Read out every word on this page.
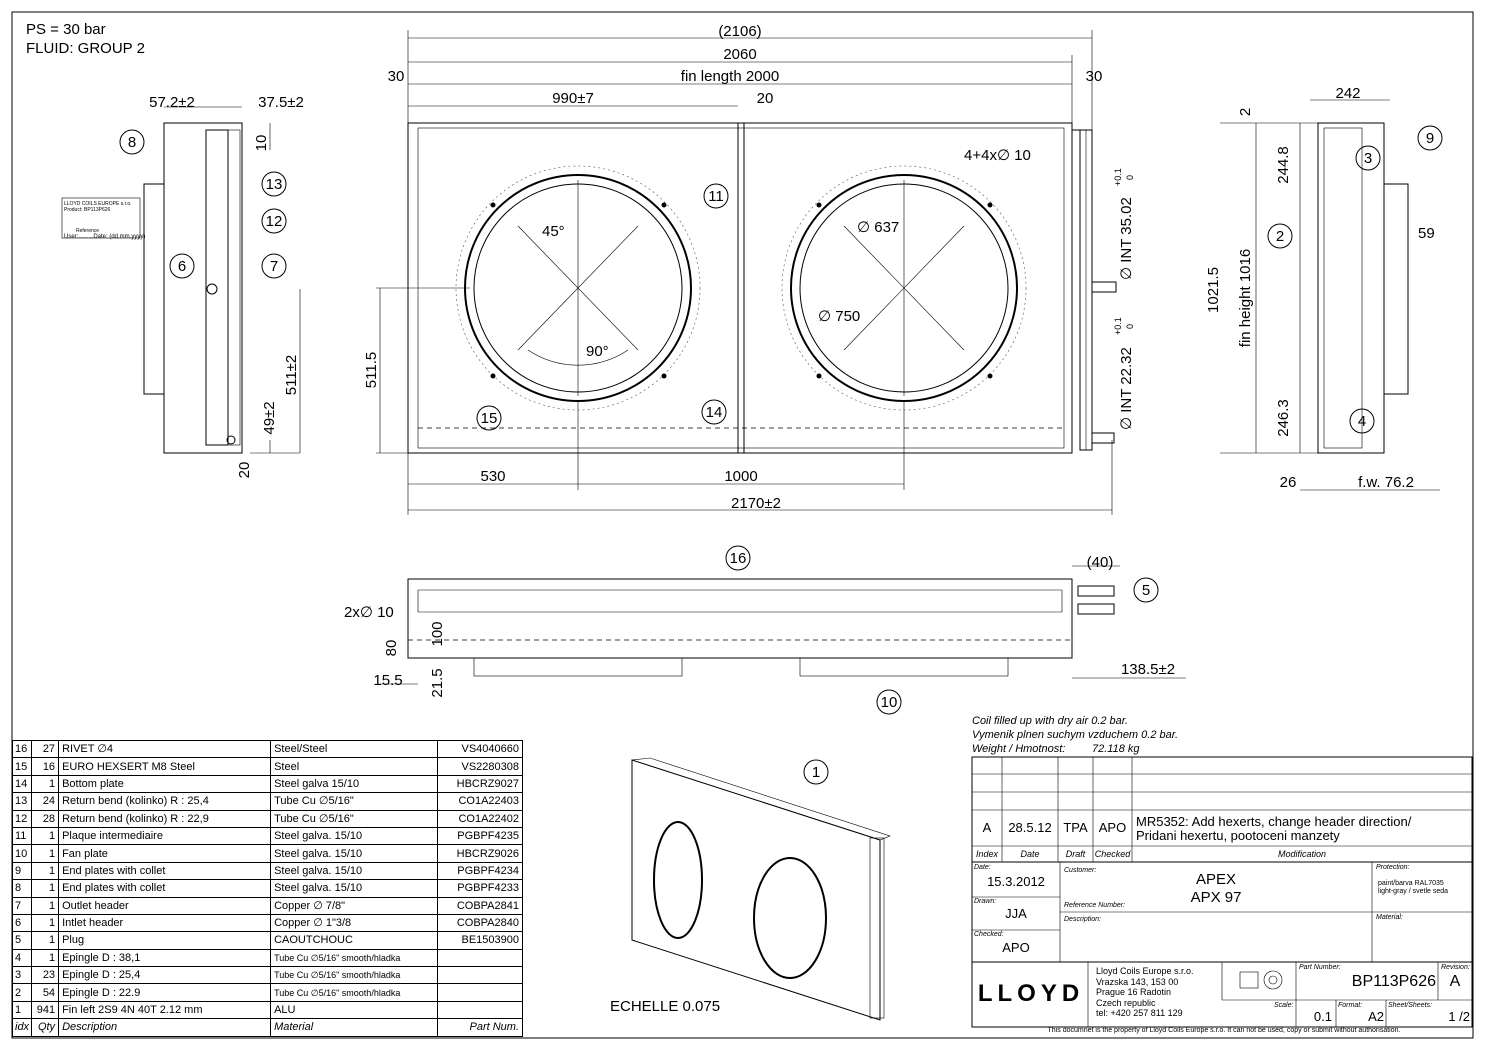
PS = 30 bar
FLUID: GROUP 2
(2106)
2060
30	30
fin length 2000
990±7	20
511.5
530	1000
2170±2
4+4x∅ 10
∅ INT 35.02
+0.1 0
∅ INT 22.32
+0.1 0
∅ 637
∅ 750
45°
90°
57.2±2	37.5±2
10
511±2
49±2
20
LLOYD COILS EUROPE s.r.o.
Product: BP113P626
Reference
User:.........Date: (dd.mm.yyyy)
242
2
244.8
1021.5 fin height 1016
246.3
59
26	f.w. 76.2
(40)
2x∅ 10
80
100
15.5 21.5	138.5±2
1
2
3
4
5
6	7
8	9
10
11
12
13
14
15
16
16	27	RIVET ∅4	Steel/Steel	VS4040660
15	16	EURO HEXSERT M8 Steel	Steel	VS2280308
14	1	Bottom plate	Steel galva 15/10	HBCRZ9027
13	24	Return bend (kolinko) R : 25,4	Tube Cu ∅5/16"	CO1A22403
12	28	Return bend (kolinko) R : 22,9	Tube Cu ∅5/16"	CO1A22402
11	1	Plaque intermediaire	Steel galva. 15/10	PGBPF4235
10	1	Fan plate	Steel galva. 15/10	HBCRZ9026
9	1	End plates with collet	Steel galva. 15/10	PGBPF4234
8	1	End plates with collet	Steel galva. 15/10	PGBPF4233
7	1	Outlet header	Copper ∅ 7/8"	COBPA2841
6	1	Intlet header	Copper ∅ 1"3/8	COBPA2840
5	1	Plug	CAOUTCHOUC	BE1503900
4	1	Epingle D : 38,1	Tube Cu ∅5/16" smooth/hladka	
3	23	Epingle D : 25,4	Tube Cu ∅5/16" smooth/hladka	
2	54	Epingle D : 22.9	Tube Cu ∅5/16" smooth/hladka	
1	941	Fin left 2S9 4N 40T 2.12 mm	ALU	
idx	Qty	Description	Material	Part Num.
Coil filled up with dry air 0.2 bar.
Vymenik plnen suchym vzduchem 0.2 bar.
Weight / Hmotnost: 72.118 kg
A	28.5.12 TPA APO MR5352: Add hexerts, change header direction/
Pridani hexertu, pootoceni manzety
Index	Date	Draft	Checked	Modification
Date:
15.3.2012
Drawn:
JJA
Checked:
APO
Customer:
APEX
APX 97
Reference Number:
Description:
Protection:
paint/barva RAL7035
light-gray / svetle seda
Material:
LLOYD
Lloyd Coils Europe s.r.o.
Vrazska 143, 153 00
Prague 16 Radotin
Czech republic
tel: +420 257 811 129
Part Number:
BP113P626
Revision:
A
Scale:
0.1
Format:
A2
Sheet/Sheets:
1 /2
This documnet is the property of Lloyd Coils Europe s.r.o. It can not be used, copy or submit without authorisation.
ECHELLE 0.075
